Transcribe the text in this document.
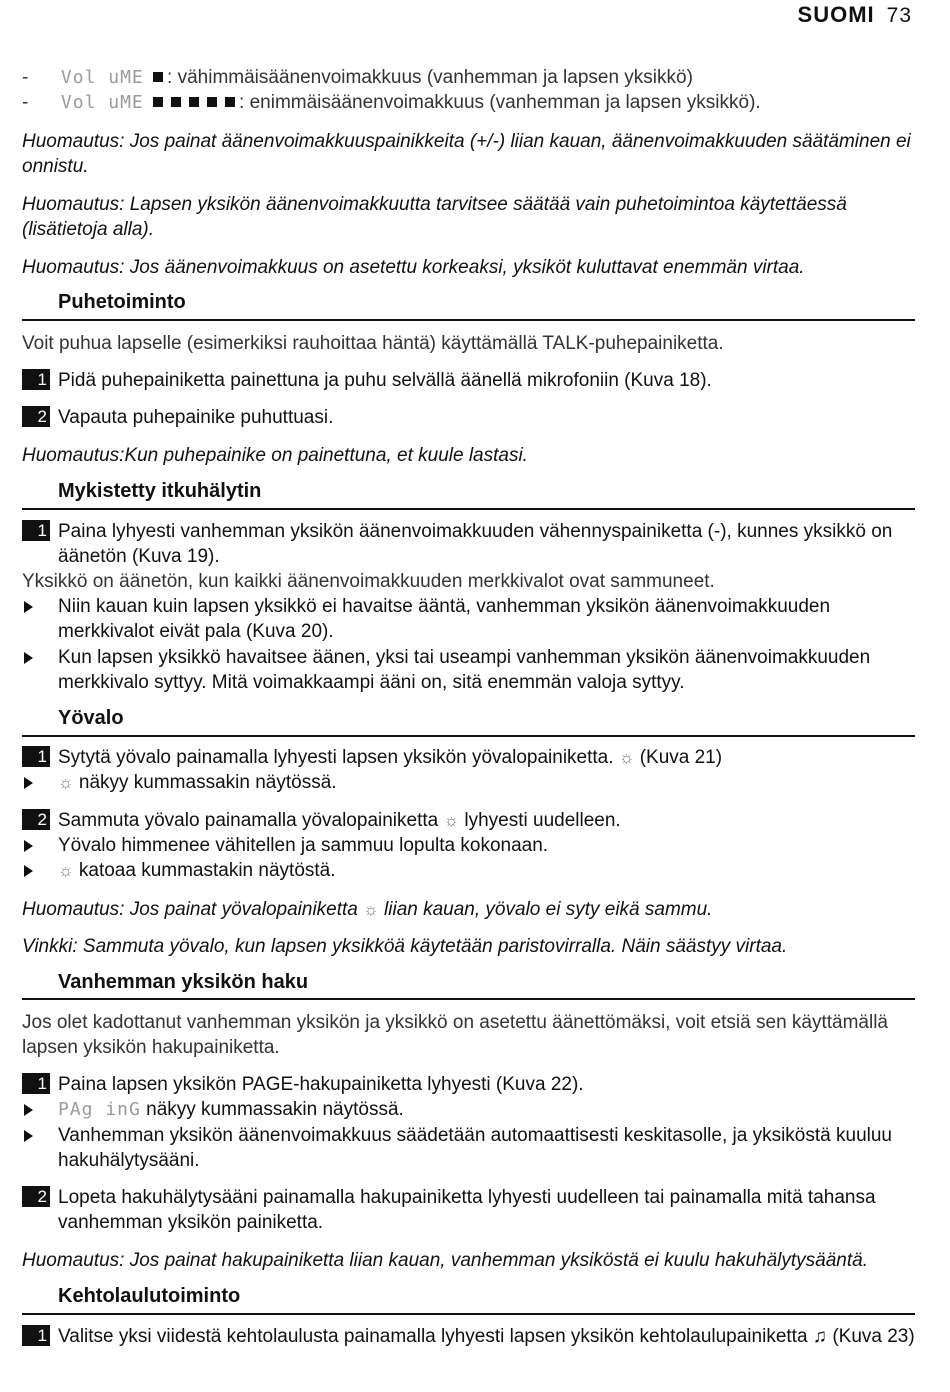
SUOMI 73
- Vol uME : vähimmäisäänenvoimakkuus (vanhemman ja lapsen yksikkö)
- Vol uME	: enimmäisäänenvoimakkuus (vanhemman ja lapsen yksikkö).
Huomautus: Jos painat äänenvoimakkuuspainikkeita (+/-) liian kauan, äänenvoimakkuuden säätäminen ei onnistu.
Huomautus: Lapsen yksikön äänenvoimakkuutta tarvitsee säätää vain puhetoimintoa käytettäessä (lisätietoja alla).
Huomautus: Jos äänenvoimakkuus on asetettu korkeaksi, yksiköt kuluttavat enemmän virtaa.
Puhetoiminto
Voit puhua lapselle (esimerkiksi rauhoittaa häntä) käyttämällä TALK-puhepainiketta.
1 Pidä puhepainiketta painettuna ja puhu selvällä äänellä mikrofoniin (Kuva 18).
2 Vapauta puhepainike puhuttuasi.
Huomautus:Kun puhepainike on painettuna, et kuule lastasi.
Mykistetty itkuhälytin
1 Paina lyhyesti vanhemman yksikön äänenvoimakkuuden vähennyspainiketta (-), kunnes yksikkö on äänetön (Kuva 19).
Yksikkö on äänetön, kun kaikki äänenvoimakkuuden merkkivalot ovat sammuneet.
Niin kauan kuin lapsen yksikkö ei havaitse ääntä, vanhemman yksikön äänenvoimakkuuden merkkivalot eivät pala (Kuva 20).
Kun lapsen yksikkö havaitsee äänen, yksi tai useampi vanhemman yksikön äänenvoimakkuuden merkkivalo syttyy. Mitä voimakkaampi ääni on, sitä enemmän valoja syttyy.
Yövalo
1 Sytytä yövalo painamalla lyhyesti lapsen yksikön yövalopainiketta. ☼ (Kuva 21)
☼ näkyy kummassakin näytössä.
2 Sammuta yövalo painamalla yövalopainiketta ☼ lyhyesti uudelleen.
Yövalo himmenee vähitellen ja sammuu lopulta kokonaan.
☼ katoaa kummastakin näytöstä.
Huomautus: Jos painat yövalopainiketta ☼ liian kauan, yövalo ei syty eikä sammu.
Vinkki: Sammuta yövalo, kun lapsen yksikköä käytetään paristovirralla. Näin säästyy virtaa.
Vanhemman yksikön haku
Jos olet kadottanut vanhemman yksikön ja yksikkö on asetettu äänettömäksi, voit etsiä sen käyttämällä lapsen yksikön hakupainiketta.
1 Paina lapsen yksikön PAGE-hakupainiketta lyhyesti (Kuva 22).
PAg inG näkyy kummassakin näytössä.
Vanhemman yksikön äänenvoimakkuus säädetään automaattisesti keskitasolle, ja yksiköstä kuuluu hakuhälytysääni.
2 Lopeta hakuhälytysääni painamalla hakupainiketta lyhyesti uudelleen tai painamalla mitä tahansa vanhemman yksikön painiketta.
Huomautus: Jos painat hakupainiketta liian kauan, vanhemman yksiköstä ei kuulu hakuhälytysääntä.
Kehtolaulutoiminto
1 Valitse yksi viidestä kehtolaulusta painamalla lyhyesti lapsen yksikön kehtolaulupainiketta ♫ (Kuva 23)
